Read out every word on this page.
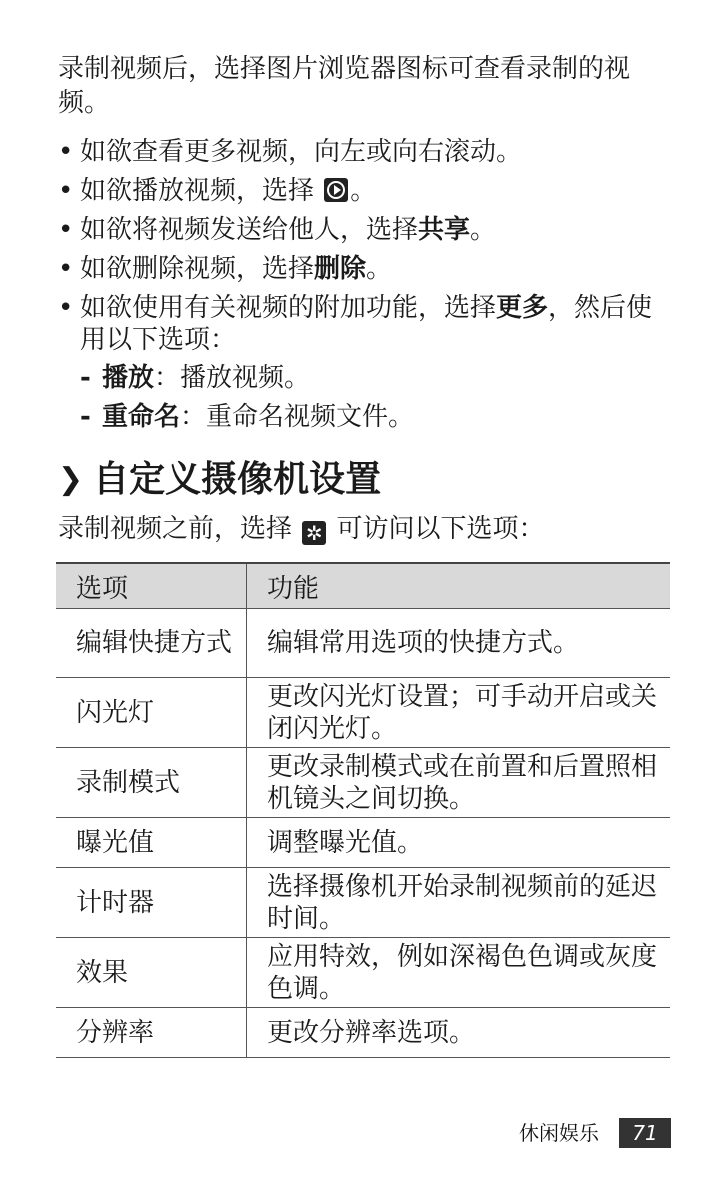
录制视频后，选择图片浏览器图标可查看录制的视频。

• 如欲查看更多视频，向左或向右滚动。
• 如欲播放视频，选择 。
• 如欲将视频发送给他人，选择共享。
• 如欲删除视频，选择删除。
• 如欲使用有关视频的附加功能，选择更多，然后使用以下选项：
- 播放：播放视频。
- 重命名：重命名视频文件。
❯ 自定义摄像机设置

录制视频之前，选择 ✲ 可访问以下选项：

选项	功能
编辑快捷方式	编辑常用选项的快捷方式。
闪光灯	更改闪光灯设置；可手动开启或关闭闪光灯。
录制模式	更改录制模式或在前置和后置照相机镜头之间切换。
曝光值	调整曝光值。
计时器	选择摄像机开始录制视频前的延迟时间。
效果	应用特效，例如深褐色色调或灰度色调。
分辨率	更改分辨率选项。
休闲娱乐	71
